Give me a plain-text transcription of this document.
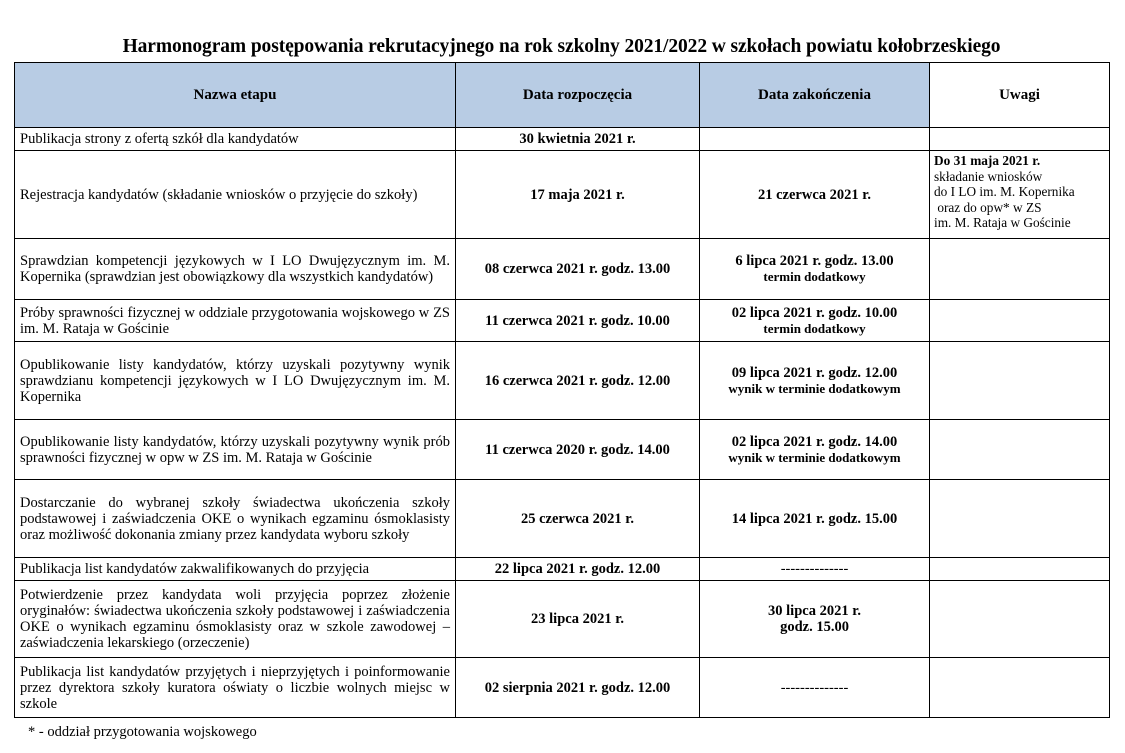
Harmonogram postępowania rekrutacyjnego na rok szkolny 2021/2022 w szkołach powiatu kołobrzeskiego
Nazwa etapu	Data rozpoczęcia	Data zakończenia	Uwagi
Publikacja strony z ofertą szkół dla kandydatów	30 kwietnia 2021 r.		
Rejestracja kandydatów (składanie wniosków o przyjęcie do szkoły)	17 maja 2021 r.	21 czerwca 2021 r.	Do 31 maja 2021 r.
składanie wniosków
do I LO im. M. Kopernika
oraz do opw* w ZS
im. M. Rataja w Gościnie
Sprawdzian kompetencji językowych w I LO Dwujęzycznym im. M. Kopernika (sprawdzian jest obowiązkowy dla wszystkich kandydatów)	08 czerwca 2021 r. godz. 13.00	6 lipca 2021 r. godz. 13.00
termin dodatkowy	

Próby sprawności fizycznej w oddziale przygotowania wojskowego w ZS im. M. Rataja w Gościnie	11 czerwca 2021 r. godz. 10.00	02 lipca 2021 r. godz. 10.00
termin dodatkowy	

Opublikowanie listy kandydatów, którzy uzyskali pozytywny wynik sprawdzianu kompetencji językowych w I LO Dwujęzycznym im. M. Kopernika	16 czerwca 2021 r. godz. 12.00	09 lipca 2021 r. godz. 12.00
wynik w terminie dodatkowym	

Opublikowanie listy kandydatów, którzy uzyskali pozytywny wynik prób sprawności fizycznej w opw w ZS im. M. Rataja w Gościnie	11 czerwca 2020 r. godz. 14.00	02 lipca 2021 r. godz. 14.00
wynik w terminie dodatkowym	

Dostarczanie do wybranej szkoły świadectwa ukończenia szkoły podstawowej i zaświadczenia OKE o wynikach egzaminu ósmoklasisty oraz możliwość dokonania zmiany przez kandydata wyboru szkoły	25 czerwca 2021 r.	14 lipca 2021 r. godz. 15.00	
Publikacja list kandydatów zakwalifikowanych do przyjęcia	22 lipca 2021 r. godz. 12.00	--------------	
Potwierdzenie przez kandydata woli przyjęcia poprzez złożenie oryginałów: świadectwa ukończenia szkoły podstawowej i zaświadczenia OKE o wynikach egzaminu ósmoklasisty oraz w szkole zawodowej – zaświadczenia lekarskiego (orzeczenie)	23 lipca 2021 r.	30 lipca 2021 r.
godz. 15.00	

Publikacja list kandydatów przyjętych i nieprzyjętych i poinformowanie przez dyrektora szkoły kuratora oświaty o liczbie wolnych miejsc w szkole	02 sierpnia 2021 r. godz. 12.00	--------------	
* - oddział przygotowania wojskowego
